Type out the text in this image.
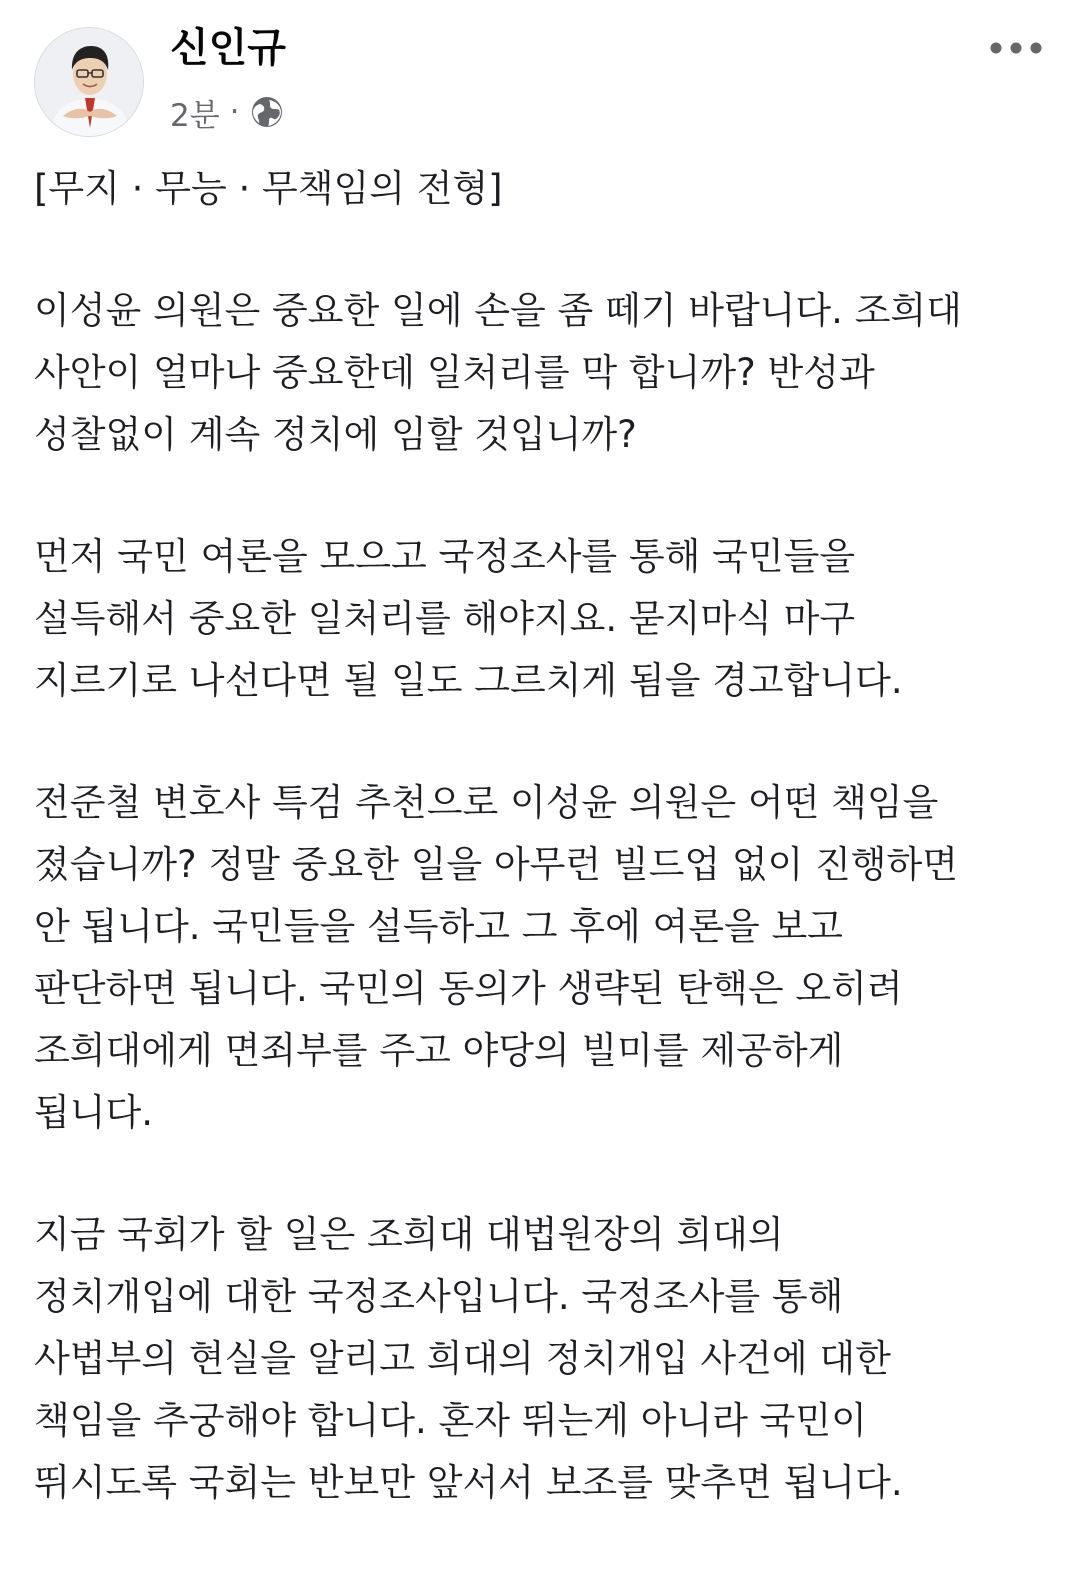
신인규
2분 ·
[무지 · 무능 · 무책임의 전형]
이성윤 의원은 중요한 일에 손을 좀 떼기 바랍니다. 조희대
사안이 얼마나 중요한데 일처리를 막 합니까? 반성과
성찰없이 계속 정치에 임할 것입니까?
먼저 국민 여론을 모으고 국정조사를 통해 국민들을
설득해서 중요한 일처리를 해야지요. 묻지마식 마구
지르기로 나선다면 될 일도 그르치게 됨을 경고합니다.
전준철 변호사 특검 추천으로 이성윤 의원은 어떤 책임을
졌습니까? 정말 중요한 일을 아무런 빌드업 없이 진행하면
안 됩니다. 국민들을 설득하고 그 후에 여론을 보고
판단하면 됩니다. 국민의 동의가 생략된 탄핵은 오히려
조희대에게 면죄부를 주고 야당의 빌미를 제공하게
됩니다.
지금 국회가 할 일은 조희대 대법원장의 희대의
정치개입에 대한 국정조사입니다. 국정조사를 통해
사법부의 현실을 알리고 희대의 정치개입 사건에 대한
책임을 추궁해야 합니다. 혼자 뛰는게 아니라 국민이
뛰시도록 국회는 반보만 앞서서 보조를 맞추면 됩니다.
